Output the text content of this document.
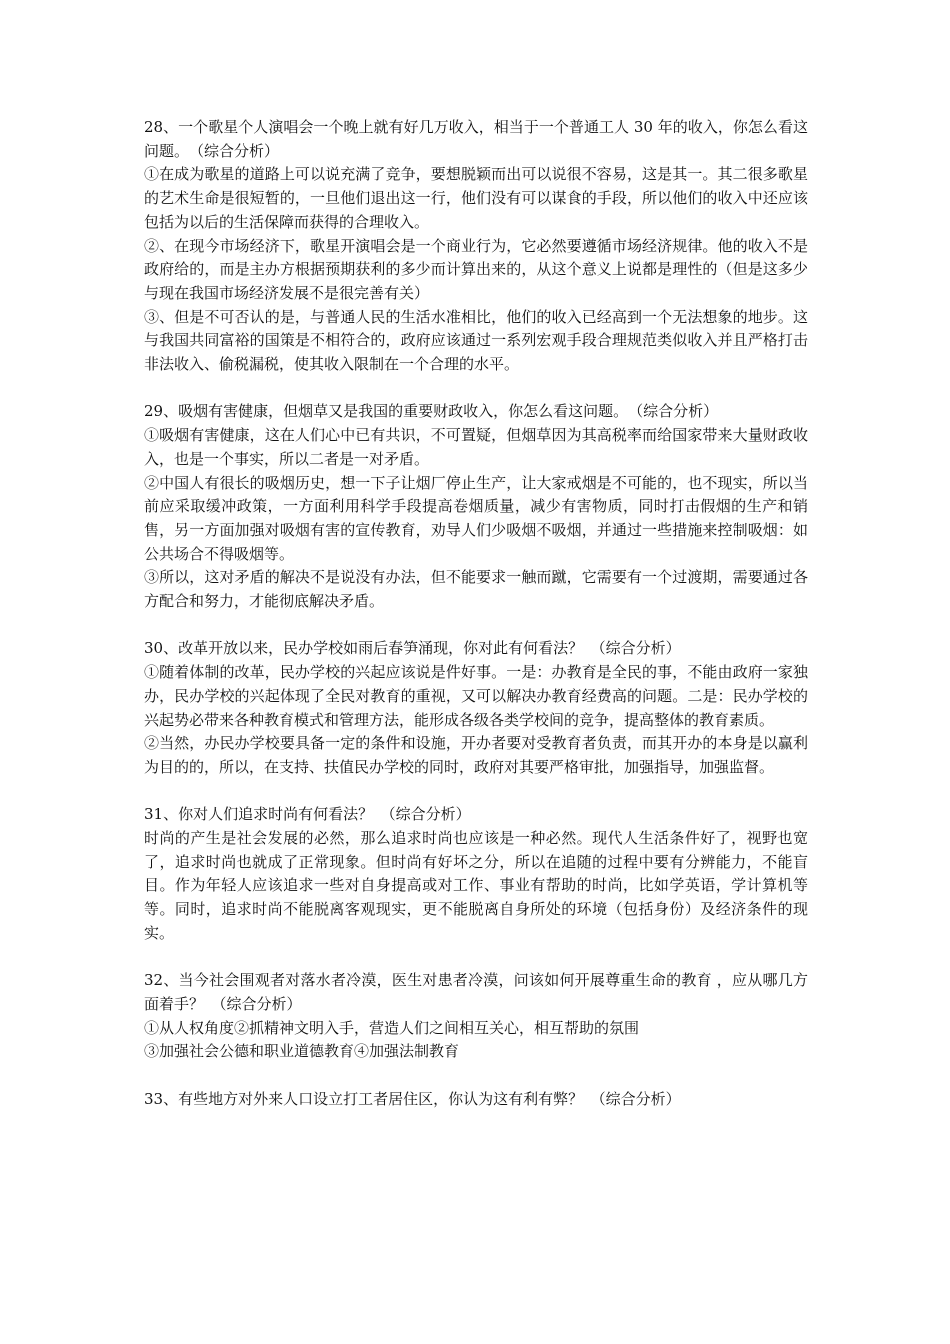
28、一个歌星个人演唱会一个晚上就有好几万收入，相当于一个普通工人 30 年的收入，你怎么看这问题。 （综合分析）

①在成为歌星的道路上可以说充满了竞争，要想脱颖而出可以说很不容易，这是其一。其二很多歌星的艺术生命是很短暂的，一旦他们退出这一行，他们没有可以谋食的手段，所以他们的收入中还应该包括为以后的生活保障而获得的合理收入。

②、在现今市场经济下，歌星开演唱会是一个商业行为，它必然要遵循市场经济规律。他的收入不是政府给的，而是主办方根据预期获利的多少而计算出来的，从这个意义上说都是理性的（但是这多少与现在我国市场经济发展不是很完善有关）

③、但是不可否认的是，与普通人民的生活水准相比，他们的收入已经高到一个无法想象的地步。这与我国共同富裕的国策是不相符合的，政府应该通过一系列宏观手段合理规范类似收入并且严格打击非法收入、偷税漏税，使其收入限制在一个合理的水平。

29、吸烟有害健康，但烟草又是我国的重要财政收入，你怎么看这问题。 （综合分析）

①吸烟有害健康，这在人们心中已有共识，不可置疑，但烟草因为其高税率而给国家带来大量财政收入，也是一个事实，所以二者是一对矛盾。

②中国人有很长的吸烟历史，想一下子让烟厂停止生产，让大家戒烟是不可能的，也不现实，所以当前应采取缓冲政策，一方面利用科学手段提高卷烟质量，减少有害物质，同时打击假烟的生产和销售，另一方面加强对吸烟有害的宣传教育，劝导人们少吸烟不吸烟，并通过一些措施来控制吸烟：如公共场合不得吸烟等。

③所以，这对矛盾的解决不是说没有办法，但不能要求一触而蹴，它需要有一个过渡期，需要通过各方配合和努力，才能彻底解决矛盾。

30、改革开放以来，民办学校如雨后春笋涌现，你对此有何看法？ （综合分析）

①随着体制的改革，民办学校的兴起应该说是件好事。一是：办教育是全民的事，不能由政府一家独办，民办学校的兴起体现了全民对教育的重视，又可以解决办教育经费高的问题。二是：民办学校的兴起势必带来各种教育模式和管理方法，能形成各级各类学校间的竞争，提高整体的教育素质。

②当然，办民办学校要具备一定的条件和设施，开办者要对受教育者负责，而其开办的本身是以赢利为目的的，所以，在支持、扶值民办学校的同时，政府对其要严格审批，加强指导，加强监督。

31、你对人们追求时尚有何看法？ （综合分析）

时尚的产生是社会发展的必然，那么追求时尚也应该是一种必然。现代人生活条件好了，视野也宽了，追求时尚也就成了正常现象。但时尚有好坏之分，所以在追随的过程中要有分辨能力，不能盲目。作为年轻人应该追求一些对自身提高或对工作、事业有帮助的时尚，比如学英语，学计算机等等。同时，追求时尚不能脱离客观现实，更不能脱离自身所处的环境（包括身份）及经济条件的现实。

32、当今社会围观者对落水者冷漠，医生对患者冷漠，问该如何开展尊重生命的教育 ，应从哪几方面着手？ （综合分析）

①从人权角度②抓精神文明入手，营造人们之间相互关心，相互帮助的氛围

③加强社会公德和职业道德教育④加强法制教育

33、有些地方对外来人口设立打工者居住区，你认为这有利有弊？ （综合分析）
